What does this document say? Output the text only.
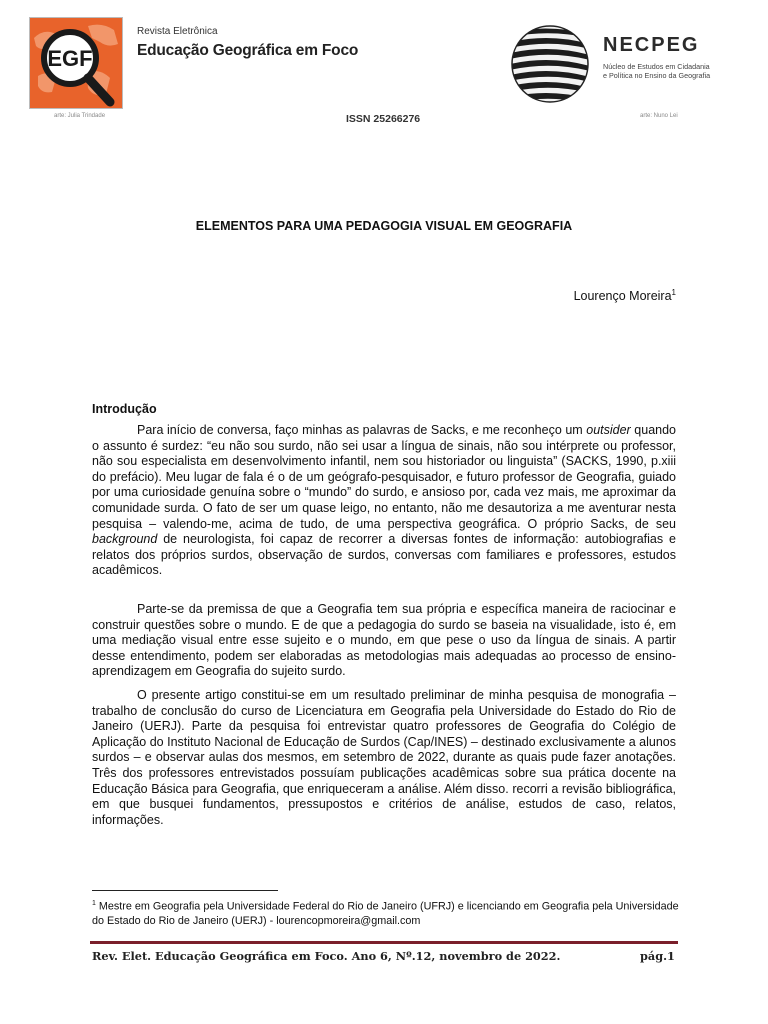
EGF
Revista Eletrônica
Educação Geográfica em Foco
arte: Julia Trindade	ISSN 25266276	arte: Nuno Lei
NECPEG
Núcleo de Estudos em Cidadania
e Política no Ensino da Geografia
ELEMENTOS PARA UMA PEDAGOGIA VISUAL EM GEOGRAFIA
Lourenço Moreira$^1$
Introdução

Para início de conversa, faço minhas as palavras de Sacks, e me reconheço um outsider quando o assunto é surdez: “eu não sou surdo, não sei usar a língua de sinais, não sou intérprete ou professor, não sou especialista em desenvolvimento infantil, nem sou historiador ou linguista” (SACKS, 1990, p.xiii do prefácio). Meu lugar de fala é o de um geógrafo-pesquisador, e futuro professor de Geografia, guiado por uma curiosidade genuína sobre o “mundo” do surdo, e ansioso por, cada vez mais, me aproximar da comunidade surda. O fato de ser um quase leigo, no entanto, não me desautoriza a me aventurar nesta pesquisa – valendo-me, acima de tudo, de uma perspectiva geográfica. O próprio Sacks, de seu background de neurologista, foi capaz de recorrer a diversas fontes de informação: autobiografias e relatos dos próprios surdos, observação de surdos, conversas com familiares e professores, estudos acadêmicos.

Parte-se da premissa de que a Geografia tem sua própria e específica maneira de raciocinar e construir questões sobre o mundo. E de que a pedagogia do surdo se baseia na visualidade, isto é, em uma mediação visual entre esse sujeito e o mundo, em que pese o uso da língua de sinais. A partir desse entendimento, podem ser elaboradas as metodologias mais adequadas ao processo de ensino-aprendizagem em Geografia do sujeito surdo.

O presente artigo constitui-se em um resultado preliminar de minha pesquisa de monografia – trabalho de conclusão do curso de Licenciatura em Geografia pela Universidade do Estado do Rio de Janeiro (UERJ). Parte da pesquisa foi entrevistar quatro professores de Geografia do Colégio de Aplicação do Instituto Nacional de Educação de Surdos (Cap/INES) – destinado exclusivamente a alunos surdos – e observar aulas dos mesmos, em setembro de 2022, durante as quais pude fazer anotações. Três dos professores entrevistados possuíam publicações acadêmicas sobre sua prática docente na Educação Básica para Geografia, que enriqueceram a análise. Além disso. recorri a revisão bibliográfica, em que busquei fundamentos, pressupostos e critérios de análise, estudos de caso, relatos, informações.

$^1$ Mestre em Geografia pela Universidade Federal do Rio de Janeiro (UFRJ) e licenciando em Geografia pela Universidade do Estado do Rio de Janeiro (UERJ) - lourencopmoreira@gmail.com
Rev. Elet. Educação Geográfica em Foco. Ano 6, Nº.12, novembro de 2022.	pág.1
